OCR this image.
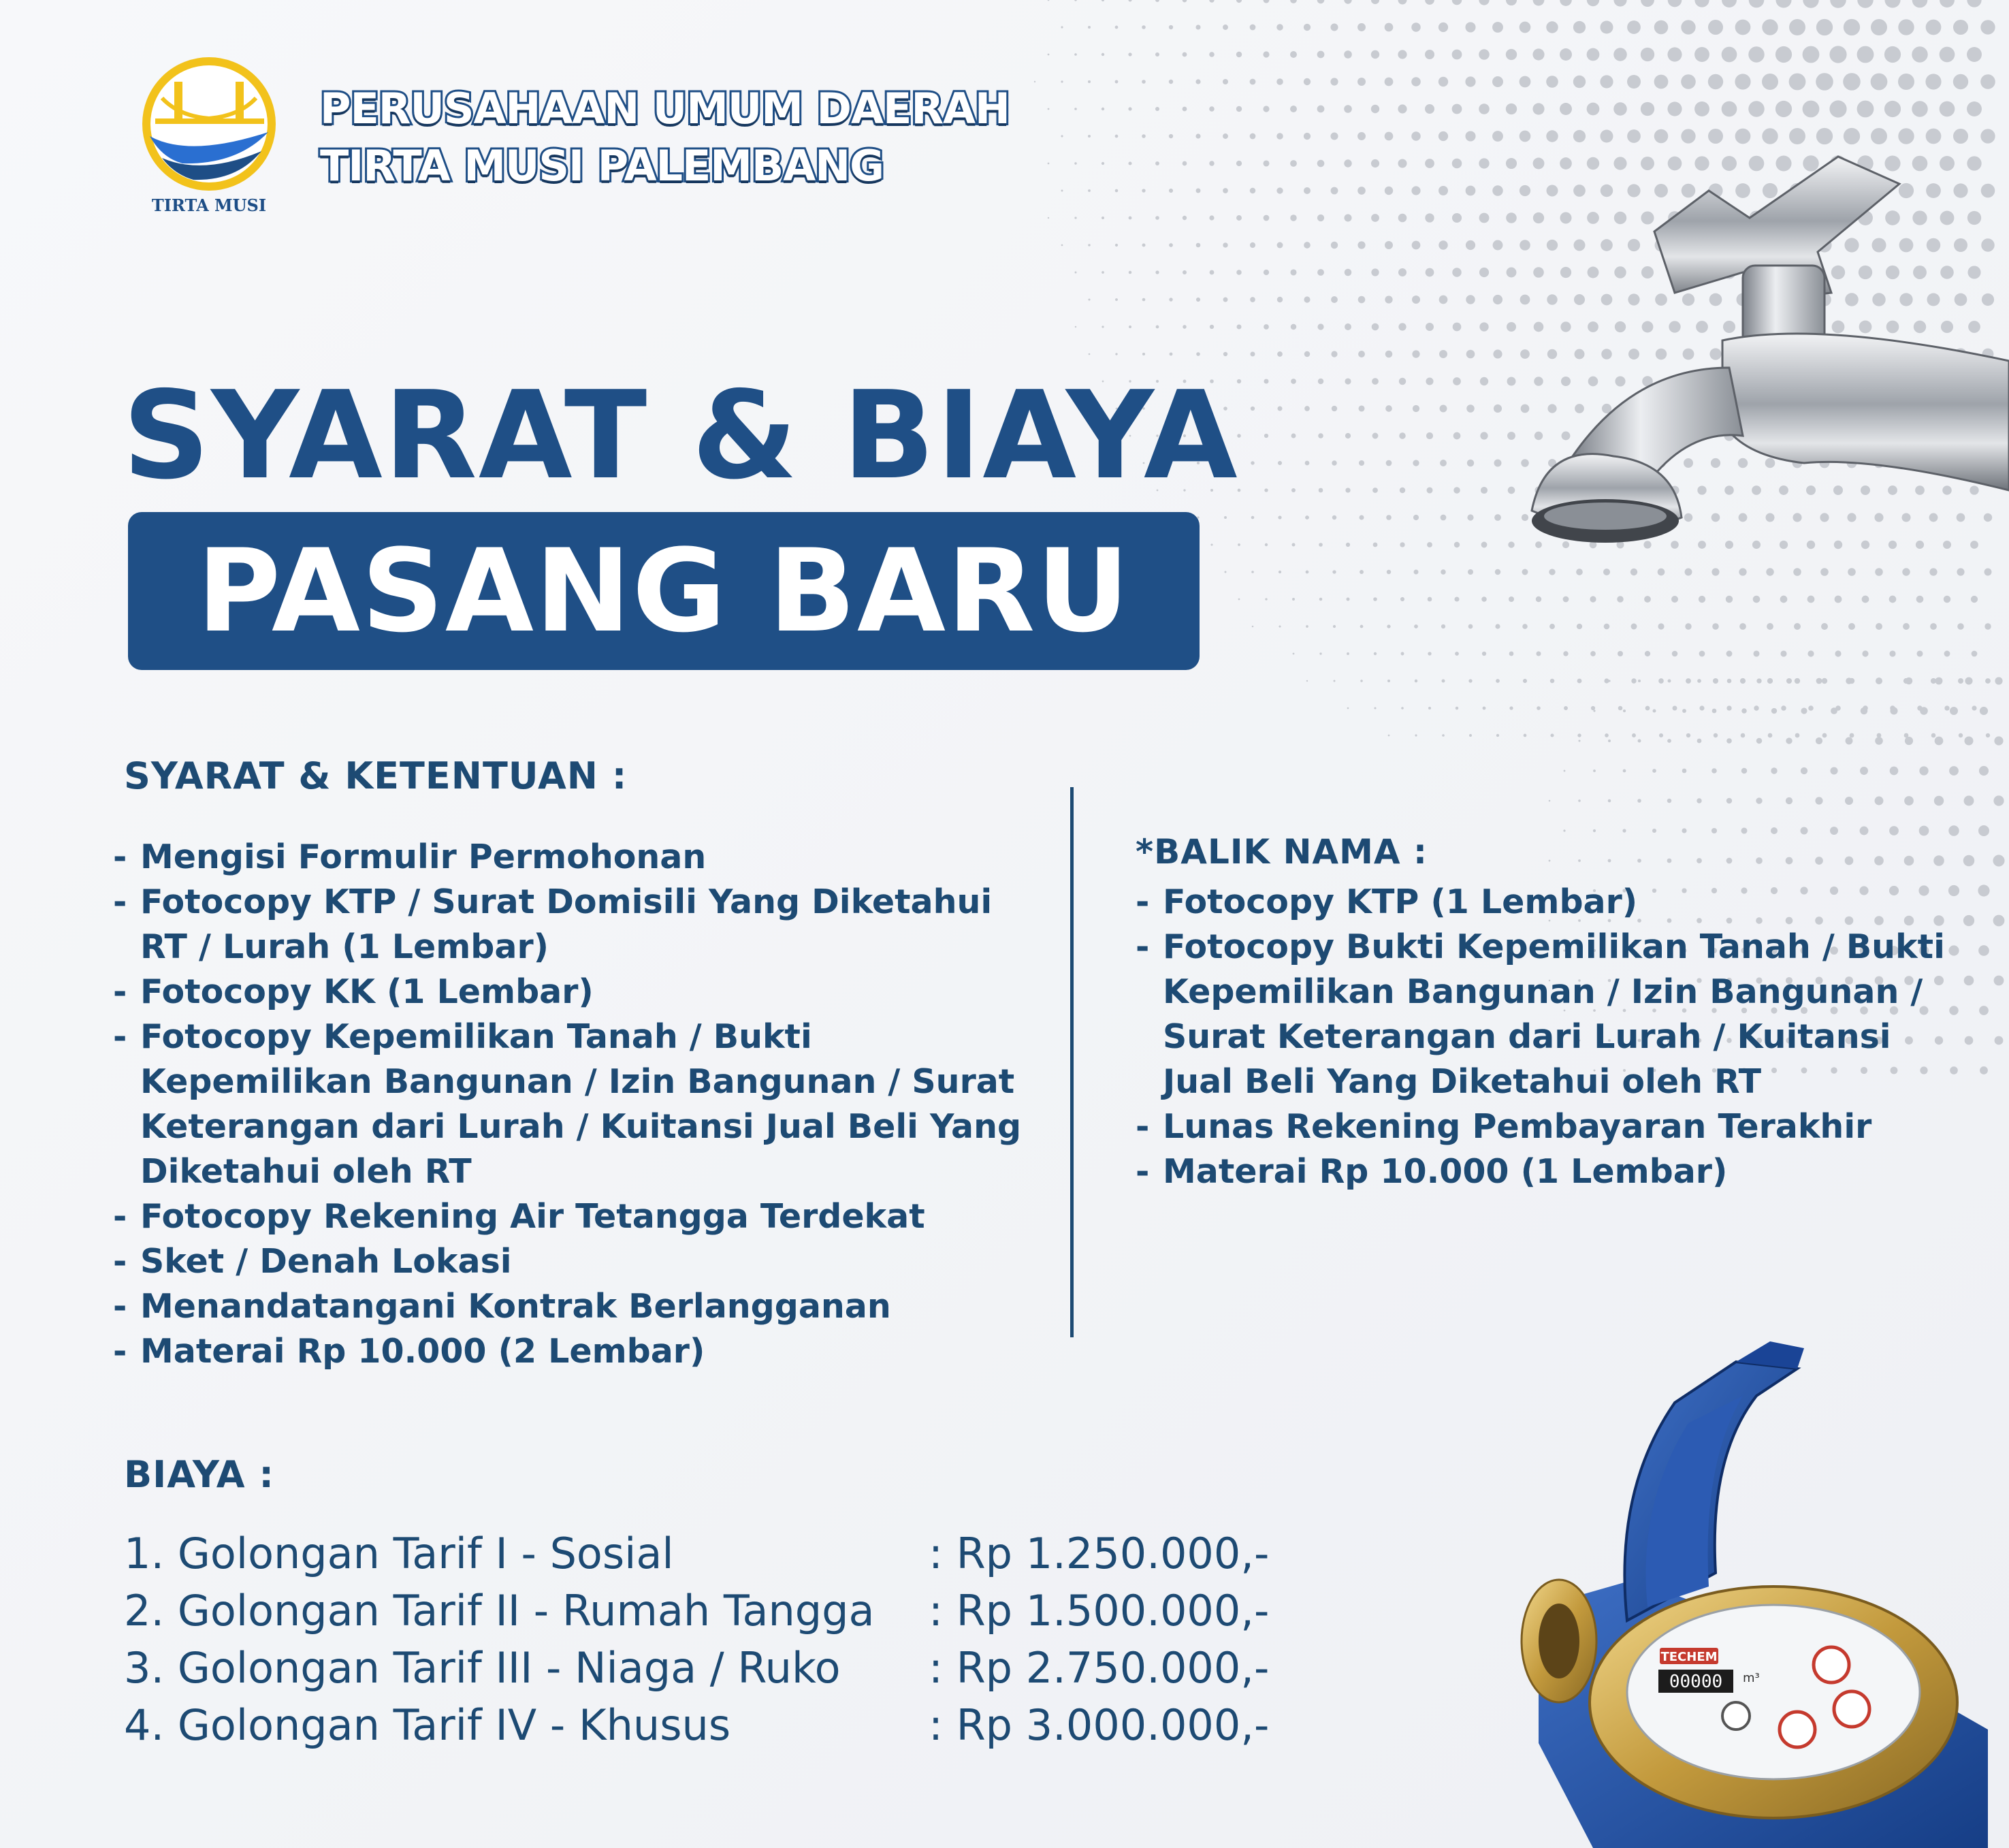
TIRTA MUSI
PERUSAHAAN UMUM DAERAH
TIRTA MUSI PALEMBANG
SYARAT & BIAYA
PASANG BARU
SYARAT & KETENTUAN :
- Mengisi Formulir Permohonan
- Fotocopy KTP / Surat Domisili Yang Diketahui RT / Lurah (1 Lembar)
- Fotocopy KK (1 Lembar)
- Fotocopy Kepemilikan Tanah / Bukti Kepemilikan Bangunan / Izin Bangunan / Surat Keterangan dari Lurah / Kuitansi Jual Beli Yang Diketahui oleh RT
- Fotocopy Rekening Air Tetangga Terdekat
- Sket / Denah Lokasi
- Menandatangani Kontrak Berlangganan
- Materai Rp 10.000 (2 Lembar)
*BALIK NAMA :
- Fotocopy KTP (1 Lembar)
- Fotocopy Bukti Kepemilikan Tanah / Bukti Kepemilikan Bangunan / Izin Bangunan / Surat Keterangan dari Lurah / Kuitansi Jual Beli Yang Diketahui oleh RT
- Lunas Rekening Pembayaran Terakhir
- Materai Rp 10.000 (1 Lembar)
BIAYA :
1. Golongan Tarif I - Sosial	: Rp 1.250.000,-
2. Golongan Tarif II - Rumah Tangga : Rp 1.500.000,-
3. Golongan Tarif III - Niaga / Ruko : Rp 2.750.000,-
4. Golongan Tarif IV - Khusus	: Rp 3.000.000,-
TECHEM
00000 m³
